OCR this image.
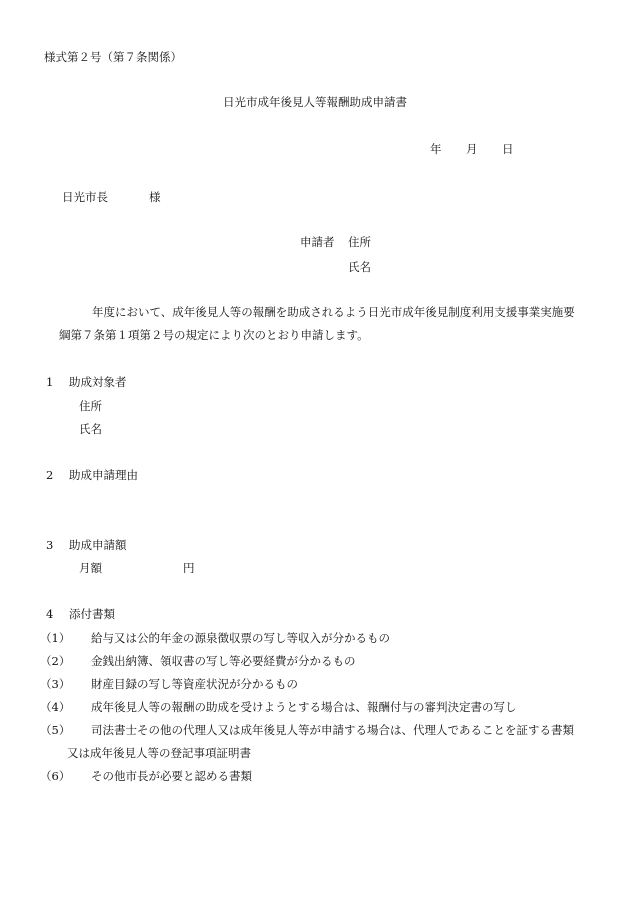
様式第２号（第７条関係）
日光市成年後見人等報酬助成申請書
年 月 日
日光市長	様
申請者 住所
氏名
年度において、成年後見人等の報酬を助成されるよう日光市成年後見制度利用支援事業実施要
綱第７条第１項第２号の規定により次のとおり申請します。
1 助成対象者
住所
氏名
2 助成申請理由
3 助成申請額
月額	円
4 添付書類
（1） 給与又は公的年金の源泉徴収票の写し等収入が分かるもの
（2） 金銭出納簿、領収書の写し等必要経費が分かるもの
（3） 財産目録の写し等資産状況が分かるもの
（4） 成年後見人等の報酬の助成を受けようとする場合は、報酬付与の審判決定書の写し
（5） 司法書士その他の代理人又は成年後見人等が申請する場合は、代理人であることを証する書類
又は成年後見人等の登記事項証明書
（6） その他市長が必要と認める書類
